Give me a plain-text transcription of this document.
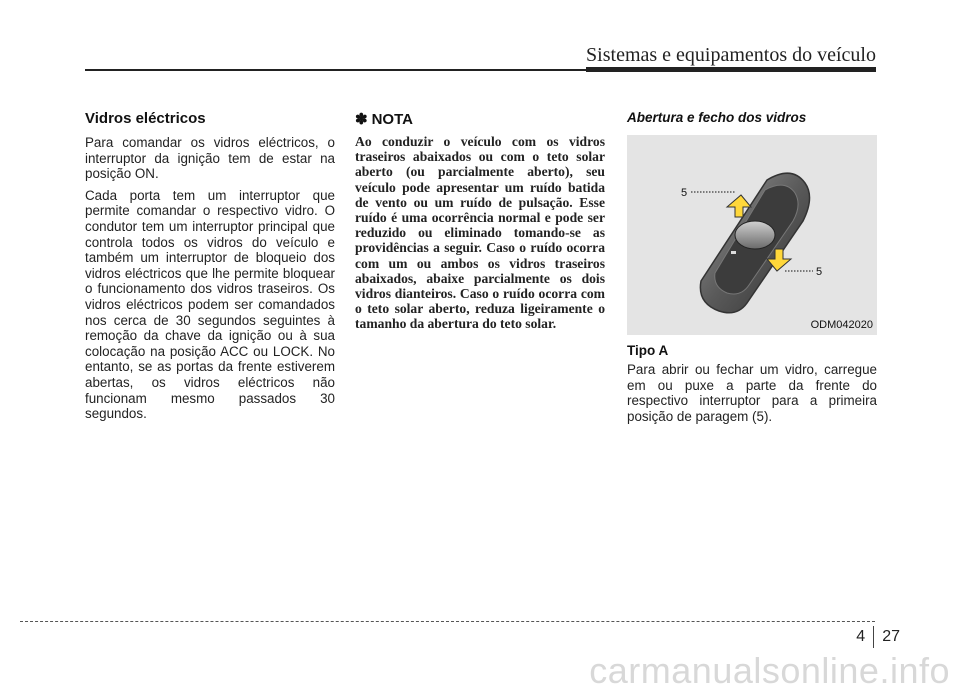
Sistemas e equipamentos do veículo
Vidros eléctricos

Para comandar os vidros eléctricos, o interruptor da ignição tem de estar na posição ON.

Cada porta tem um interruptor que permite comandar o respectivo vidro. O condutor tem um interruptor principal que controla todos os vidros do veículo e também um interruptor de bloqueio dos vidros eléctricos que lhe permite bloquear o funcionamento dos vidros traseiros. Os vidros eléctricos podem ser comandados nos cerca de 30 segundos seguintes à remoção da chave da ignição ou à sua colocação na posição ACC ou LOCK. No entanto, se as portas da frente estiverem abertas, os vidros eléctricos não funcionam mesmo passados 30 segundos.

✽ NOTA

Ao conduzir o veículo com os vidros traseiros abaixados ou com o teto solar aberto (ou parcialmente aberto), seu veículo pode apresentar um ruído batida de vento ou um ruído de pulsação. Esse ruído é uma ocorrência normal e pode ser reduzido ou eliminado tomando-se as providências a seguir. Caso o ruído ocorra com um ou ambos os vidros traseiros abaixados, abaixe parcialmente os dois vidros dianteiros. Caso o ruído ocorra com o teto solar aberto, reduza ligeiramente o tamanho da abertura do teto solar.

Abertura e fecho dos vidros
5
5
ODM042020
Tipo A

Para abrir ou fechar um vidro, carregue em ou puxe a parte da frente do respectivo interruptor para a primeira posição de paragem (5).

4 27
carmanualsonline.info
